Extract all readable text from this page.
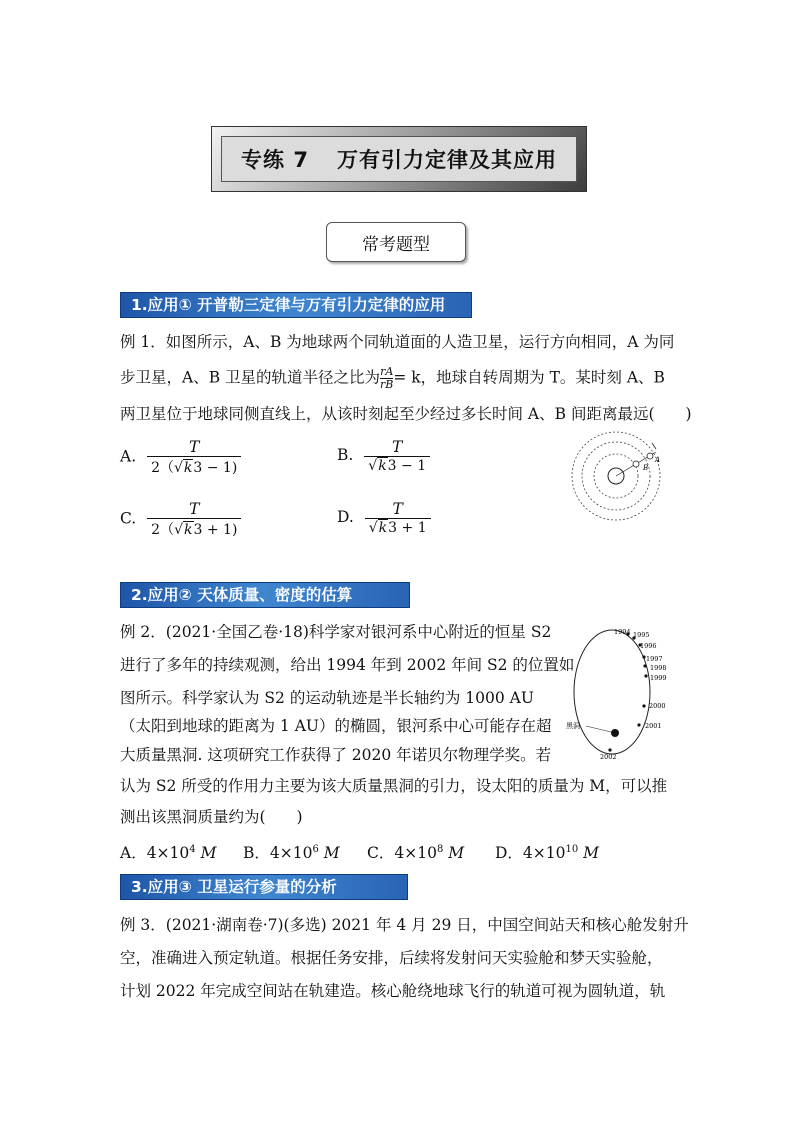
专练 7 万有引力定律及其应用
常考题型
1.应用① 开普勒三定律与万有引力定律的应用
例 1．如图所示，A、B 为地球两个同轨道面的人造卫星，运行方向相同，A 为同
步卫星，A、B 卫星的轨道半径之比为 $\frac{rA}{rB} = k$，地球自转周期为 T。某时刻 A、B
两卫星位于地球同侧直线上，从该时刻起至少经过多长时间 A、B 间距离最远(　　)
A. $\frac{T}{2(√k3 - 1)}$	B. $\frac{T}{√k3 - 1}$
C. $\frac{T}{2(√k3 + 1)}$	D. $\frac{T}{√k3 + 1}$
A
B
2.应用② 天体质量、密度的估算
例 2．(2021·全国乙卷·18)科学家对银河系中心附近的恒星 S2
进行了多年的持续观测，给出 1994 年到 2002 年间 S2 的位置如
图所示。科学家认为 S2 的运动轨迹是半长轴约为 1000 AU
（太阳到地球的距离为 1 AU）的椭圆，银河系中心可能存在超
大质量黑洞. 这项研究工作获得了 2020 年诺贝尔物理学奖。若
认为 S2 所受的作用力主要为该大质量黑洞的引力，设太阳的质量为 M，可以推
测出该黑洞质量约为(　　)
A．$4\times 10^4$ M B．$4\times 10^6$ M C．$4\times 10^8$ M D．$4\times 10^{10}$ M
黑洞
1994 1995
1996
1997
1998
1999
2000
2001
2002
3.应用③ 卫星运行参量的分析
例 3．(2021·湖南卷·7)(多选) 2021 年 4 月 29 日，中国空间站天和核心舱发射升
空，准确进入预定轨道。根据任务安排，后续将发射问天实验舱和梦天实验舱，
计划 2022 年完成空间站在轨建造。核心舱绕地球飞行的轨道可视为圆轨道，轨
